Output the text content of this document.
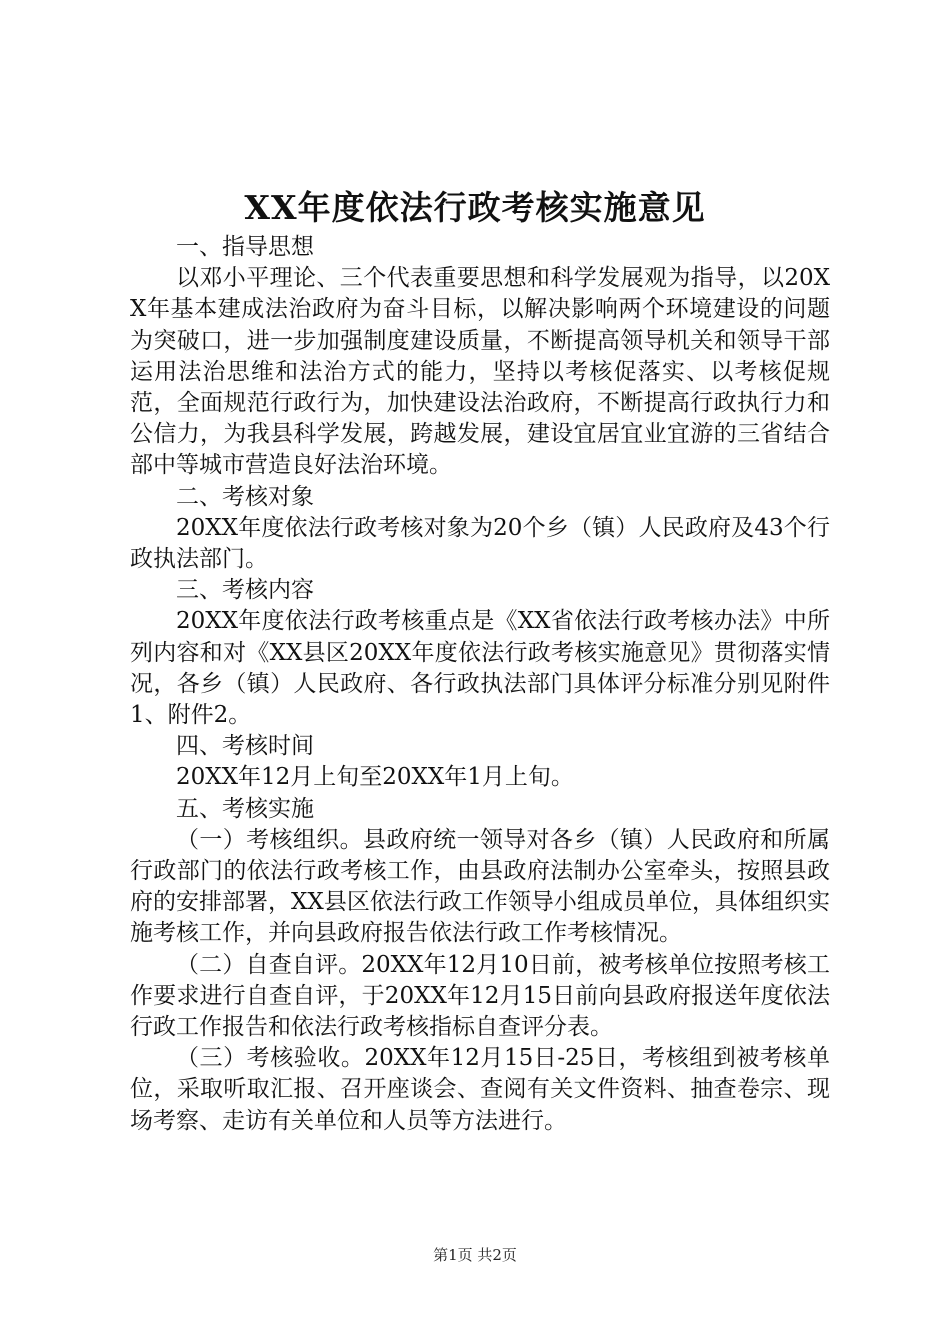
XX年度依法行政考核实施意见

一、指导思想

以邓小平理论、三个代表重要思想和科学发展观为指导，以20XX年基本建成法治政府为奋斗目标，以解决影响两个环境建设的问题为突破口，进一步加强制度建设质量，不断提高领导机关和领导干部运用法治思维和法治方式的能力，坚持以考核促落实、以考核促规范，全面规范行政行为，加快建设法治政府，不断提高行政执行力和公信力，为我县科学发展，跨越发展，建设宜居宜业宜游的三省结合部中等城市营造良好法治环境。

二、考核对象

20XX年度依法行政考核对象为20个乡（镇）人民政府及43个行政执法部门。

三、考核内容

20XX年度依法行政考核重点是《XX省依法行政考核办法》中所列内容和对《XX县区20XX年度依法行政考核实施意见》贯彻落实情况，各乡（镇）人民政府、各行政执法部门具体评分标准分别见附件1、附件2。

四、考核时间

20XX年12月上旬至20XX年1月上旬。

五、考核实施

（一）考核组织。县政府统一领导对各乡（镇）人民政府和所属行政部门的依法行政考核工作，由县政府法制办公室牵头，按照县政府的安排部署，XX县区依法行政工作领导小组成员单位，具体组织实施考核工作，并向县政府报告依法行政工作考核情况。

（二）自查自评。20XX年12月10日前，被考核单位按照考核工作要求进行自查自评，于20XX年12月15日前向县政府报送年度依法行政工作报告和依法行政考核指标自查评分表。

（三）考核验收。20XX年12月15日-25日，考核组到被考核单位，采取听取汇报、召开座谈会、查阅有关文件资料、抽查卷宗、现场考察、走访有关单位和人员等方法进行。

第1页 共2页
